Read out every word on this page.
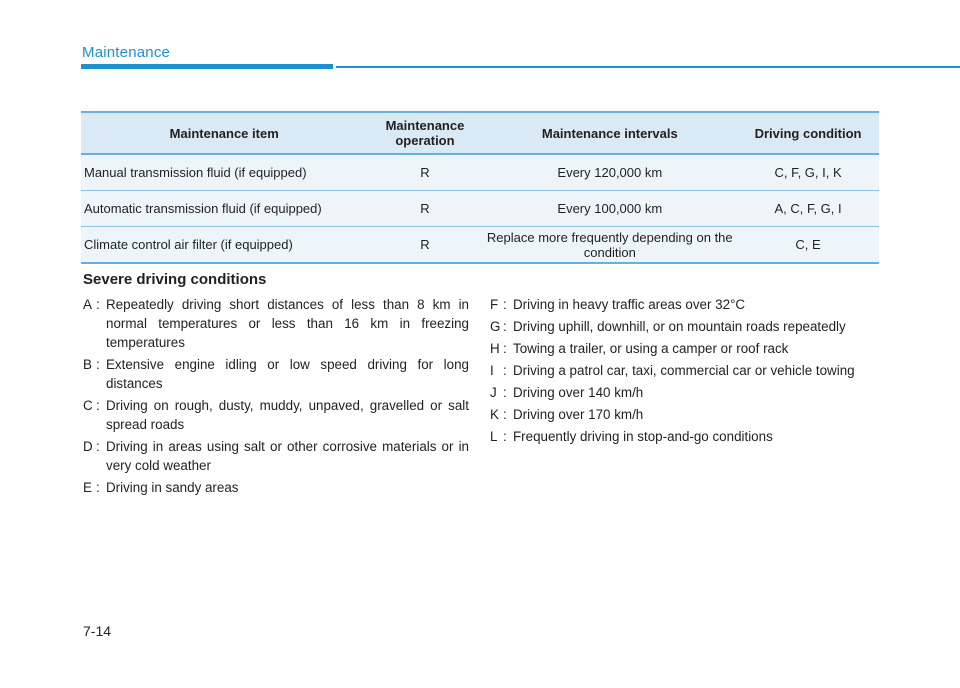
Maintenance
Maintenance item	Maintenance operation	Maintenance intervals	Driving condition
Manual transmission fluid (if equipped)	R	Every 120,000 km	C, F, G, I, K
Automatic transmission fluid (if equipped)	R	Every 100,000 km	A, C, F, G, I
Climate control air filter (if equipped)	R	Replace more frequently depending on the condition	C, E
Severe driving conditions
A : Repeatedly driving short distances of less than 8 km in normal temperatures or less than 16 km in freezing temperatures
B : Extensive engine idling or low speed driving for long distances
C : Driving on rough, dusty, muddy, unpaved, gravelled or salt spread roads
D : Driving in areas using salt or other corrosive materials or in very cold weather
E : Driving in sandy areas
F : Driving in heavy traffic areas over 32°C
G : Driving uphill, downhill, or on mountain roads repeatedly
H : Towing a trailer, or using a camper or roof rack
I : Driving a patrol car, taxi, commercial car or vehicle towing
J : Driving over 140 km/h
K : Driving over 170 km/h
L : Frequently driving in stop-and-go conditions
7-14
